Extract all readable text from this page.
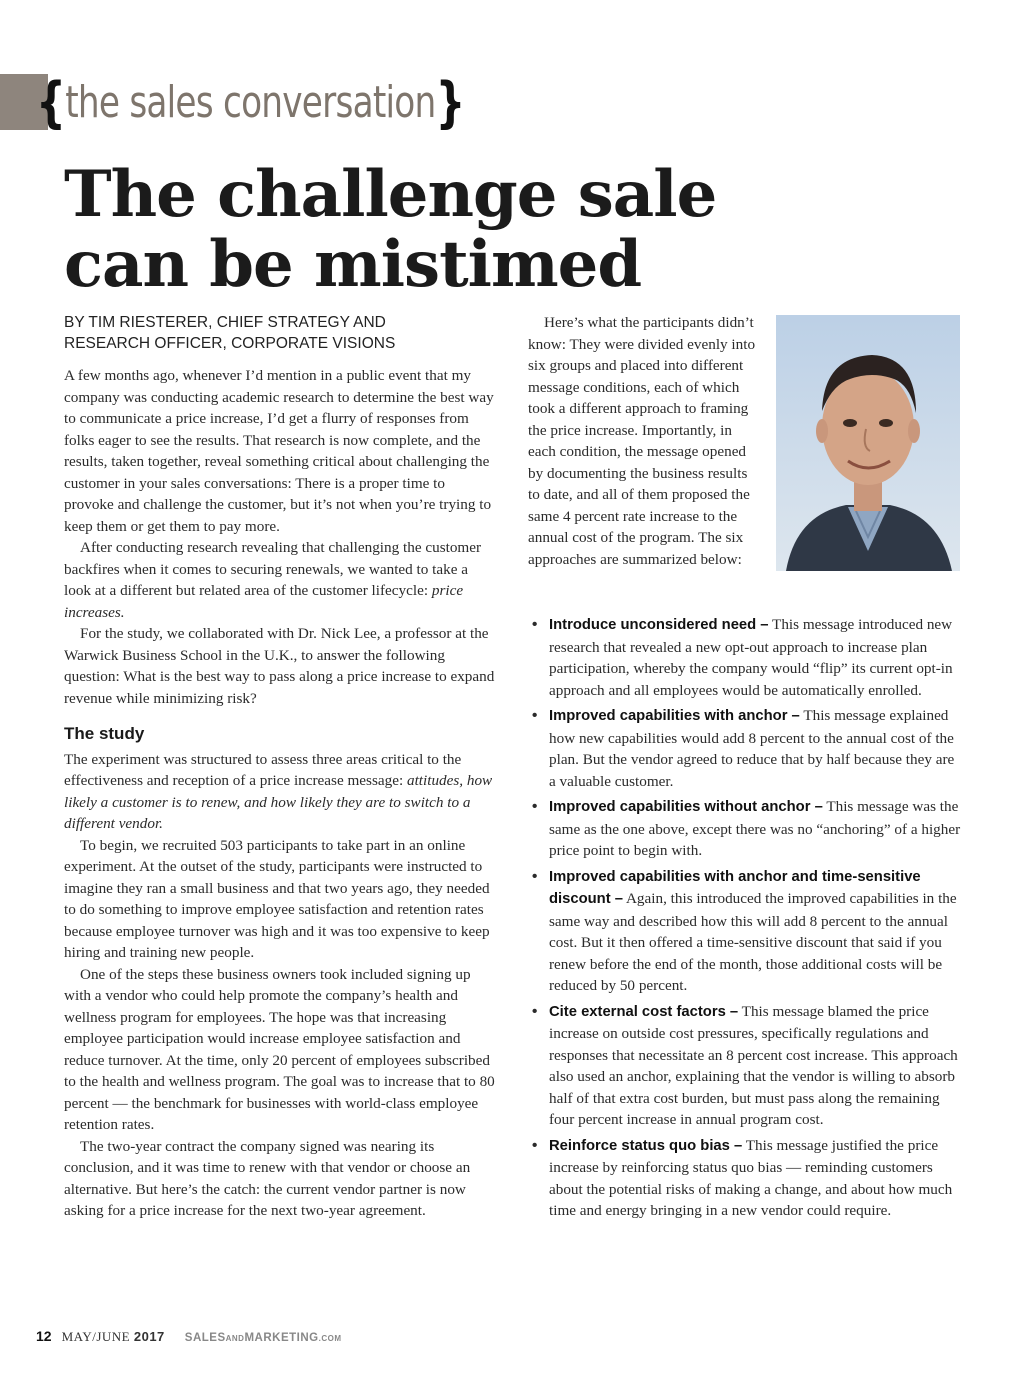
{ the sales conversation }
The challenge sale
can be mistimed
BY TIM RIESTERER, CHIEF STRATEGY AND
RESEARCH OFFICER, CORPORATE VISIONS

A few months ago, whenever I’d mention in a public event that my company was conducting academic research to determine the best way to communicate a price increase, I’d get a flurry of responses from folks eager to see the results. That research is now complete, and the results, taken together, reveal something critical about challenging the customer in your sales conversations: There is a proper time to provoke and challenge the customer, but it’s not when you’re trying to keep them or get them to pay more.

After conducting research revealing that challenging the customer backfires when it comes to securing renewals, we wanted to take a look at a different but related area of the customer lifecycle: price increases.

For the study, we collaborated with Dr. Nick Lee, a professor at the Warwick Business School in the U.K., to answer the following question: What is the best way to pass along a price increase to expand revenue while minimizing risk?

The study

The experiment was structured to assess three areas critical to the effectiveness and reception of a price increase message: attitudes, how likely a customer is to renew, and how likely they are to switch to a different vendor.

To begin, we recruited 503 participants to take part in an online experiment. At the outset of the study, participants were instructed to imagine they ran a small business and that two years ago, they needed to do something to improve employee satisfaction and retention rates because employee turnover was high and it was too expensive to keep hiring and training new people.

One of the steps these business owners took included signing up with a vendor who could help promote the company’s health and wellness program for employees. The hope was that increasing employee participation would increase employee satisfaction and reduce turnover. At the time, only 20 percent of employees subscribed to the health and wellness program. The goal was to increase that to 80 percent — the benchmark for businesses with world-class employee retention rates.

The two-year contract the company signed was nearing its conclusion, and it was time to renew with that vendor or choose an alternative. But here’s the catch: the current vendor partner is now asking for a price increase for the next two-year agreement.

Here’s what the participants didn’t know: They were divided evenly into six groups and placed into different message conditions, each of which took a different approach to framing the price increase. Importantly, in each condition, the message opened by documenting the business results to date, and all of them proposed the same 4 percent rate increase to the annual cost of the program. The six approaches are summarized below:

• Introduce unconsidered need – This message introduced new research that revealed a new opt-out approach to increase plan participation, whereby the company would “flip” its current opt-in approach and all employees would be automatically enrolled.
• Improved capabilities with anchor – This message explained how new capabilities would add 8 percent to the annual cost of the plan. But the vendor agreed to reduce that by half because they are a valuable customer.
• Improved capabilities without anchor – This message was the same as the one above, except there was no “anchoring” of a higher price point to begin with.
• Improved capabilities with anchor and time-sensitive discount – Again, this introduced the improved capabilities in the same way and described how this will add 8 percent to the annual cost. But it then offered a time-sensitive discount that said if you renew before the end of the month, those additional costs will be reduced by 50 percent.
• Cite external cost factors – This message blamed the price increase on outside cost pressures, specifically regulations and responses that necessitate an 8 percent cost increase. This approach also used an anchor, explaining that the vendor is willing to absorb half of that extra cost burden, but must pass along the remaining four percent increase in annual program cost.
• Reinforce status quo bias – This message justified the price increase by reinforcing status quo bias — reminding customers about the potential risks of making a change, and about how much time and energy bringing in a new vendor could require.
12 MAY/JUNE 2017 SALESANDMARKETING.COM
